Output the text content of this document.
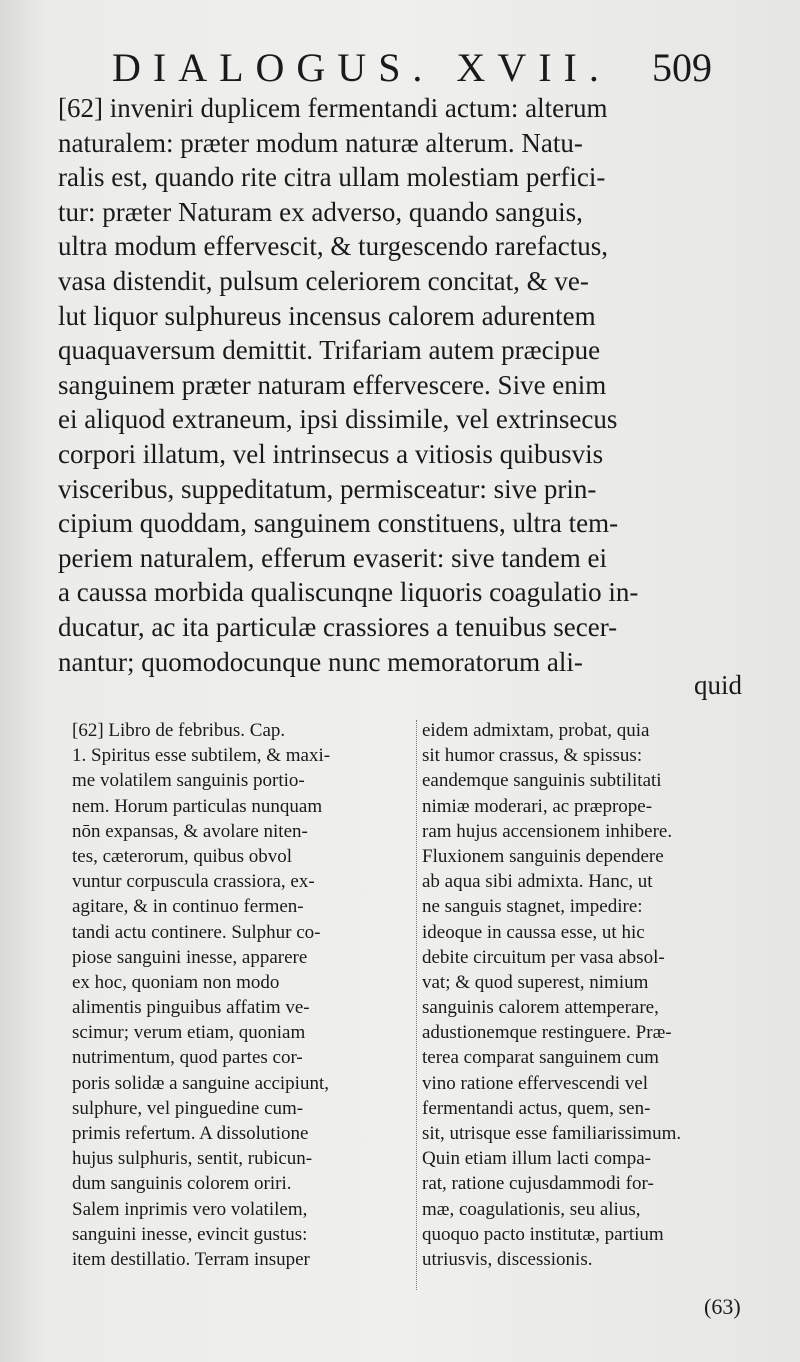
DIALOGUS. XVII. 509
[62] inveniri duplicem fermentandi actum: alterum
naturalem: præter modum naturæ alterum. Natu-
ralis est, quando rite citra ullam molestiam perfici-
tur: præter Naturam ex adverso, quando sanguis,
ultra modum effervescit, & turgescendo rarefactus,
vasa distendit, pulsum celeriorem concitat, & ve-
lut liquor sulphureus incensus calorem adurentem
quaquaversum demittit. Trifariam autem præcipue
sanguinem præter naturam effervescere. Sive enim
ei aliquod extraneum, ipsi dissimile, vel extrinsecus
corpori illatum, vel intrinsecus a vitiosis quibusvis
visceribus, suppeditatum, permisceatur: sive prin-
cipium quoddam, sanguinem constituens, ultra tem-
periem naturalem, efferum evaserit: sive tandem ei
a caussa morbida qualiscunqne liquoris coagulatio in-
ducatur, ac ita particulæ crassiores a tenuibus secer-
nantur; quomodocunque nunc memoratorum ali-
quid
[62] Libro de febribus. Cap.
1. Spiritus esse subtilem, & maxi-
me volatilem sanguinis portio-
nem. Horum particulas nunquam
nōn expansas, & avolare niten-
tes, cæterorum, quibus obvol
vuntur corpuscula crassiora, ex-
agitare, & in continuo fermen-
tandi actu continere. Sulphur co-
piose sanguini inesse, apparere
ex hoc, quoniam non modo
alimentis pinguibus affatim ve-
scimur; verum etiam, quoniam
nutrimentum, quod partes cor-
poris solidæ a sanguine accipiunt,
sulphure, vel pinguedine cum-
primis refertum. A dissolutione
hujus sulphuris, sentit, rubicun-
dum sanguinis colorem oriri.
Salem inprimis vero volatilem,
sanguini inesse, evincit gustus:
item destillatio. Terram insuper
eidem admixtam, probat, quia
sit humor crassus, & spissus:
eandemque sanguinis subtilitati
nimiæ moderari, ac præprope-
ram hujus accensionem inhibere.
Fluxionem sanguinis dependere
ab aqua sibi admixta. Hanc, ut
ne sanguis stagnet, impedire:
ideoque in caussa esse, ut hic
debite circuitum per vasa absol-
vat; & quod superest, nimium
sanguinis calorem attemperare,
adustionemque restinguere. Præ-
terea comparat sanguinem cum
vino ratione effervescendi vel
fermentandi actus, quem, sen-
sit, utrisque esse familiarissimum.
Quin etiam illum lacti compa-
rat, ratione cujusdammodi for-
mæ, coagulationis, seu alius,
quoquo pacto institutæ, partium
utriusvis, discessionis.
(63)
